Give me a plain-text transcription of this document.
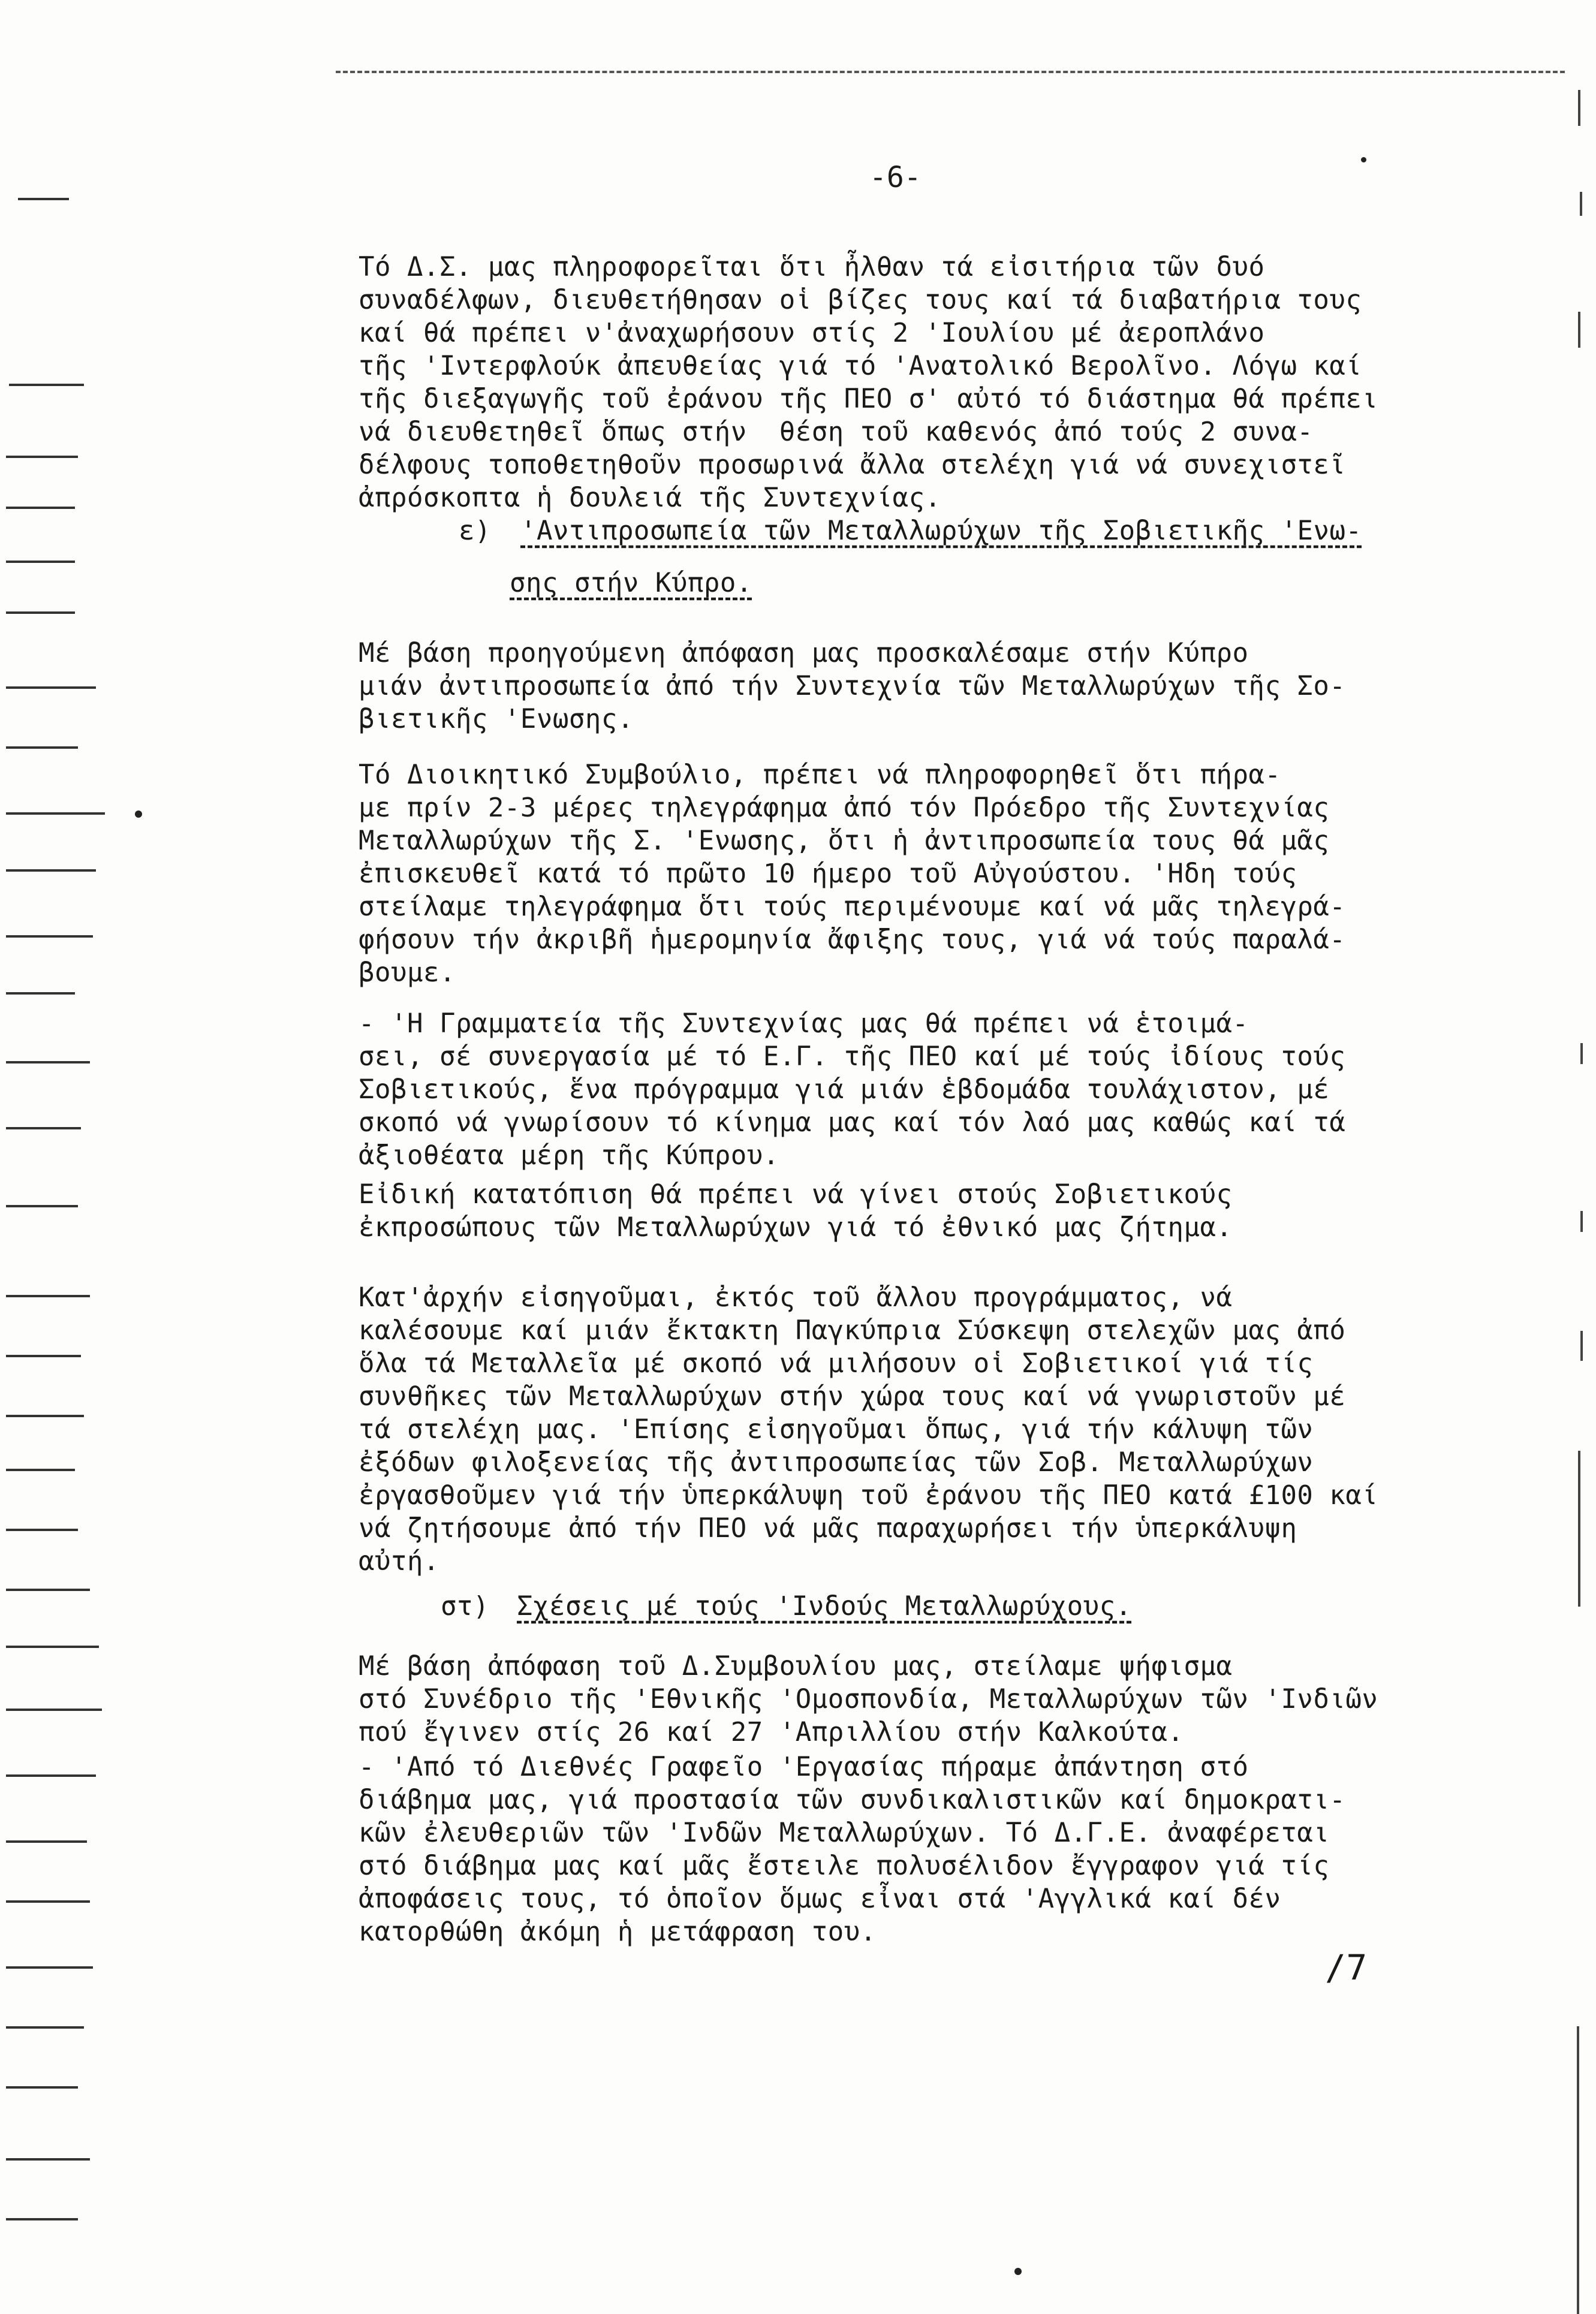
-6-
Τό Δ.Σ. μας πληροφορεῖται ὅτι ἦλθαν τά εἰσιτήρια τῶν δυό
συναδέλφων, διευθετήθησαν οἱ βίζες τους καί τά διαβατήρια τους
καί θά πρέπει ν'ἀναχωρήσουν στίς 2 'Ιουλίου μέ ἀεροπλάνο
τῆς 'Ιντερφλούκ ἀπευθείας γιά τό 'Ανατολικό Βερολῖνο. Λόγω καί
τῆς διεξαγωγῆς τοῦ ἐράνου τῆς ΠΕΟ σ' αὐτό τό διάστημα θά πρέπει
νά διευθετηθεῖ ὅπως στήν  θέση τοῦ καθενός ἀπό τούς 2 συνα-
δέλφους τοποθετηθοῦν προσωρινά ἄλλα στελέχη γιά νά συνεχιστεῖ
ἀπρόσκοπτα ἡ δουλειά τῆς Συντεχνίας.
ε) 'Αντιπροσωπεία τῶν Μεταλλωρύχων τῆς Σοβιετικῆς 'Ενω-
σης στήν Κύπρο.
Μέ βάση προηγούμενη ἀπόφαση μας προσκαλέσαμε στήν Κύπρο
μιάν ἀντιπροσωπεία ἀπό τήν Συντεχνία τῶν Μεταλλωρύχων τῆς Σο-
βιετικῆς 'Ενωσης.
Τό Διοικητικό Συμβούλιο, πρέπει νά πληροφορηθεῖ ὅτι πήρα-
με πρίν 2-3 μέρες τηλεγράφημα ἀπό τόν Πρόεδρο τῆς Συντεχνίας
Μεταλλωρύχων τῆς Σ. 'Ενωσης, ὅτι ἡ ἀντιπροσωπεία τους θά μᾶς
ἐπισκευθεῖ κατά τό πρῶτο 10 ήμερο τοῦ Αὐγούστου. 'Ηδη τούς
στείλαμε τηλεγράφημα ὅτι τούς περιμένουμε καί νά μᾶς τηλεγρά-
φήσουν τήν ἀκριβῆ ἡμερομηνία ἄφιξης τους, γιά νά τούς παραλά-
βουμε.
- 'Η Γραμματεία τῆς Συντεχνίας μας θά πρέπει νά ἑτοιμά-
σει, σέ συνεργασία μέ τό Ε.Γ. τῆς ΠΕΟ καί μέ τούς ἰδίους τούς
Σοβιετικούς, ἕνα πρόγραμμα γιά μιάν ἑβδομάδα τουλάχιστον, μέ
σκοπό νά γνωρίσουν τό κίνημα μας καί τόν λαό μας καθώς καί τά
ἀξιοθέατα μέρη τῆς Κύπρου.
Εἰδική κατατόπιση θά πρέπει νά γίνει στούς Σοβιετικούς
ἐκπροσώπους τῶν Μεταλλωρύχων γιά τό ἐθνικό μας ζήτημα.
Κατ'ἀρχήν εἰσηγοῦμαι, ἐκτός τοῦ ἄλλου προγράμματος, νά
καλέσουμε καί μιάν ἔκτακτη Παγκύπρια Σύσκεψη στελεχῶν μας ἀπό
ὅλα τά Μεταλλεῖα μέ σκοπό νά μιλήσουν οἱ Σοβιετικοί γιά τίς
συνθῆκες τῶν Μεταλλωρύχων στήν χώρα τους καί νά γνωριστοῦν μέ
τά στελέχη μας. 'Επίσης εἰσηγοῦμαι ὅπως, γιά τήν κάλυψη τῶν
ἐξόδων φιλοξενείας τῆς ἀντιπροσωπείας τῶν Σοβ. Μεταλλωρύχων
ἐργασθοῦμεν γιά τήν ὑπερκάλυψη τοῦ ἐράνου τῆς ΠΕΟ κατά £100 καί
νά ζητήσουμε ἀπό τήν ΠΕΟ νά μᾶς παραχωρήσει τήν ὑπερκάλυψη
αὐτή.
στ) Σχέσεις μέ τούς 'Ινδούς Μεταλλωρύχους.
Μέ βάση ἀπόφαση τοῦ Δ.Συμβουλίου μας, στείλαμε ψήφισμα
στό Συνέδριο τῆς 'Εθνικῆς 'Ομοσπονδία, Μεταλλωρύχων τῶν 'Ινδιῶν
πού ἔγινεν στίς 26 καί 27 'Απριλλίου στήν Καλκούτα.
- 'Από τό Διεθνές Γραφεῖο 'Εργασίας πήραμε ἀπάντηση στό
διάβημα μας, γιά προστασία τῶν συνδικαλιστικῶν καί δημοκρατι-
κῶν ἐλευθεριῶν τῶν 'Ινδῶν Μεταλλωρύχων. Τό Δ.Γ.Ε. ἀναφέρεται
στό διάβημα μας καί μᾶς ἔστειλε πολυσέλιδον ἔγγραφον γιά τίς
ἀποφάσεις τους, τό ὁποῖον ὅμως εἶναι στά 'Αγγλικά καί δέν
κατορθώθη ἀκόμη ἡ μετάφραση του.
/7
